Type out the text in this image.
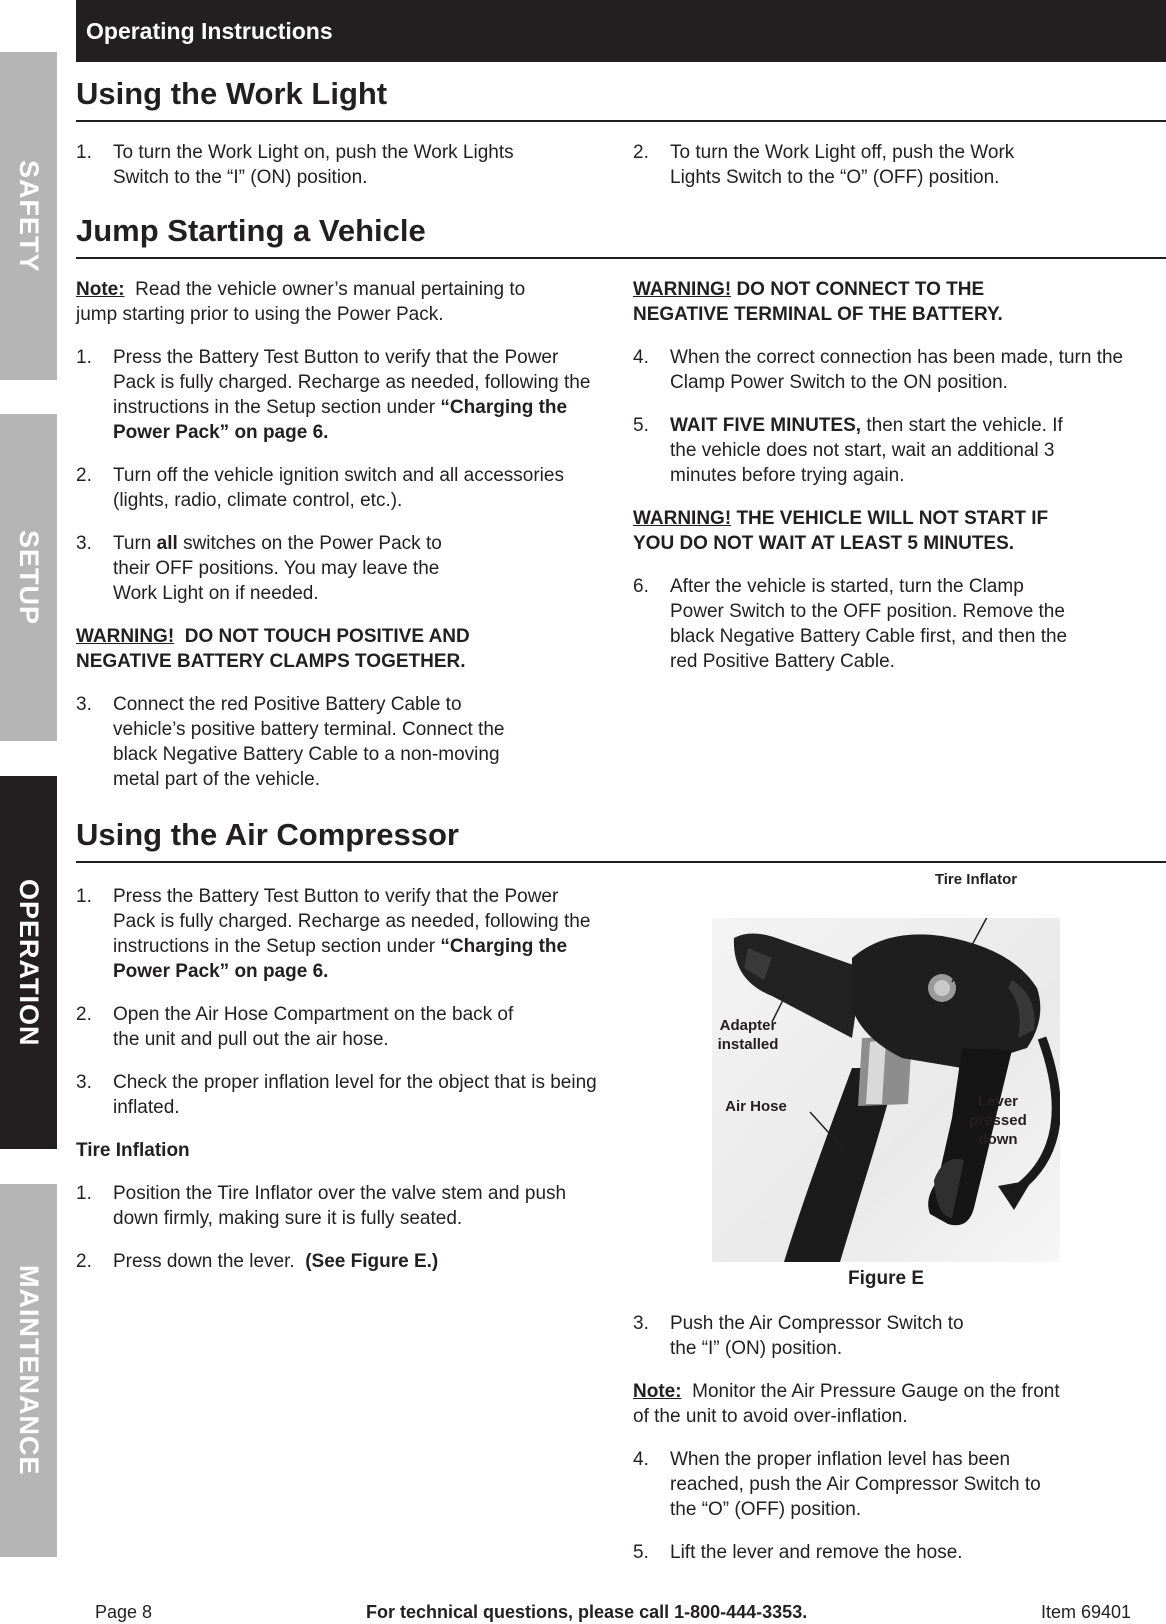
SAFETY
SETUP
OPERATION
MAINTENANCE
Operating Instructions
Using the Work Light
1. To turn the Work Light on, push the Work Lights Switch to the “I” (ON) position.
2. To turn the Work Light off, push the Work Lights Switch to the “O” (OFF) position.
Jump Starting a Vehicle
Note: Read the vehicle owner’s manual pertaining to jump starting prior to using the Power Pack.
1. Press the Battery Test Button to verify that the Power Pack is fully charged. Recharge as needed, following the instructions in the Setup section under “Charging the Power Pack” on page 6.
2. Turn off the vehicle ignition switch and all accessories (lights, radio, climate control, etc.).
3. Turn all switches on the Power Pack to their OFF positions. You may leave the Work Light on if needed.
WARNING! DO NOT TOUCH POSITIVE AND NEGATIVE BATTERY CLAMPS TOGETHER.
3. Connect the red Positive Battery Cable to vehicle’s positive battery terminal. Connect the black Negative Battery Cable to a non-moving metal part of the vehicle.
WARNING! DO NOT CONNECT TO THE NEGATIVE TERMINAL OF THE BATTERY.
4. When the correct connection has been made, turn the Clamp Power Switch to the ON position.
5. WAIT FIVE MINUTES, then start the vehicle. If the vehicle does not start, wait an additional 3 minutes before trying again.
WARNING! THE VEHICLE WILL NOT START IF YOU DO NOT WAIT AT LEAST 5 MINUTES.
6. After the vehicle is started, turn the Clamp Power Switch to the OFF position. Remove the black Negative Battery Cable first, and then the red Positive Battery Cable.
Using the Air Compressor
1. Press the Battery Test Button to verify that the Power Pack is fully charged. Recharge as needed, following the instructions in the Setup section under “Charging the Power Pack” on page 6.
2. Open the Air Hose Compartment on the back of the unit and pull out the air hose.
3. Check the proper inflation level for the object that is being inflated.
Tire Inflation
1. Position the Tire Inflator over the valve stem and push down firmly, making sure it is fully seated.
2. Press down the lever. (See Figure E.)
Tire Inflator
Adapter
installed
Air Hose	Lever
pressed
down
Figure E
3. Push the Air Compressor Switch to the “I” (ON) position.
Note: Monitor the Air Pressure Gauge on the front of the unit to avoid over-inflation.
4. When the proper inflation level has been reached, push the Air Compressor Switch to the “O” (OFF) position.
5. Lift the lever and remove the hose.
Page 8	For technical questions, please call 1-800-444-3353.	Item 69401
